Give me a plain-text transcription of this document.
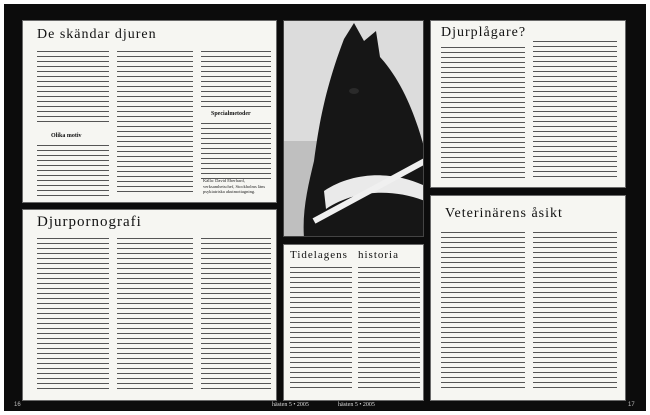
De skändar djuren
Olika motiv
Specialmetoder
Källa: David Eberhard, verksamhetschef, Stockholms läns psykiatriska akutmottagning.
Djurpornografi
Tidelagens historia
Djurplågare?
Veterinärens åsikt
16	hästen 5 • 2005	hästen 5 • 2005	17
